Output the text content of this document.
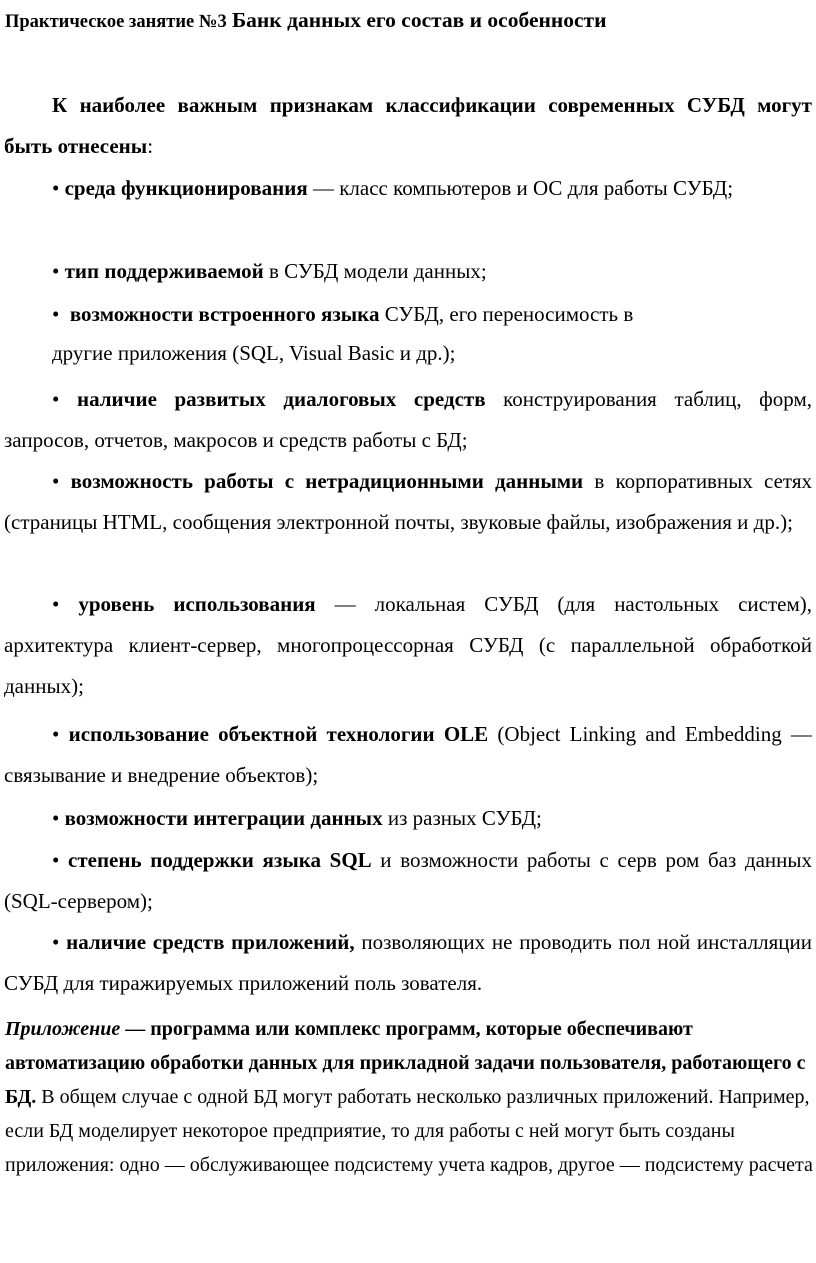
Практическое занятие №3 Банк данных его состав и особенности

К наиболее важным признакам классификации современных СУБД могут быть отнесены:

• среда функционирования — класс компьютеров и ОС для работы СУБД;

• тип поддерживаемой в СУБД модели данных;

• возможности встроенного языка СУБД, его переносимость в
другие приложения (SQL, Visual Basic и др.);

• наличие развитых диалоговых средств конструирования таблиц, форм, запросов, отчетов, макросов и средств работы с БД;

• возможность работы с нетрадиционными данными в корпоративных сетях (страницы HTML, сообщения электронной почты, звуковые файлы, изображения и др.);

• уровень использования — локальная СУБД (для настольных систем), архитектура клиент-сервер, многопроцессорная СУБД (с параллельной обработкой данных);

• использование объектной технологии OLE (Object Linking and Embedding — связывание и внедрение объектов);

• возможности интеграции данных из разных СУБД;

• степень поддержки языка SQL и возможности работы с серв ром баз данных (SQL-сервером);

• наличие средств приложений, позволяющих не проводить пол ной инсталляции СУБД для тиражируемых приложений поль зователя.

Приложение — программа или комплекс программ, которые обеспечивают автоматизацию обработки данных для прикладной задачи пользователя, работающего с БД. В общем случае с одной БД могут работать несколько различных приложений. Например, если БД моделирует некоторое предприятие, то для работы с ней могут быть созданы приложения: одно — обслуживающее подсистему учета кадров, другое — подсистему расчета
